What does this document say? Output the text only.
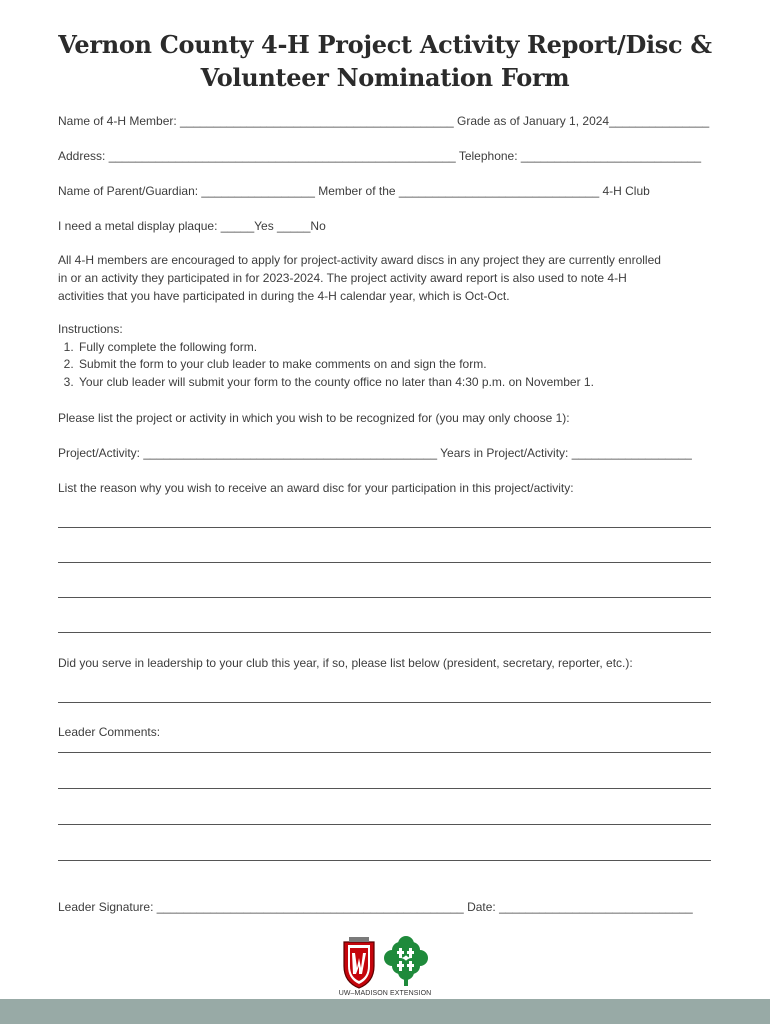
Vernon County 4-H Project Activity Report/Disc &
Volunteer Nomination Form
Name of 4-H Member: _________________________________________ Grade as of January 1, 2024_______________
Address: ____________________________________________________ Telephone: ___________________________
Name of Parent/Guardian: _________________ Member of the ______________________________ 4-H Club
I need a metal display plaque: _____Yes _____No
All 4-H members are encouraged to apply for project-activity award discs in any project they are currently enrolled
in or an activity they participated in for 2023-2024. The project activity award report is also used to note 4-H
activities that you have participated in during the 4-H calendar year, which is Oct-Oct.
Instructions:
1. Fully complete the following form.
2. Submit the form to your club leader to make comments on and sign the form.
3. Your club leader will submit your form to the county office no later than 4:30 p.m. on November 1.
Please list the project or activity in which you wish to be recognized for (you may only choose 1):
Project/Activity: ____________________________________________ Years in Project/Activity: __________________
List the reason why you wish to receive an award disc for your participation in this project/activity:
Did you serve in leadership to your club this year, if so, please list below (president, secretary, reporter, etc.):
Leader Comments:
Leader Signature: ______________________________________________ Date: _____________________________
UW–MADISON EXTENSION
